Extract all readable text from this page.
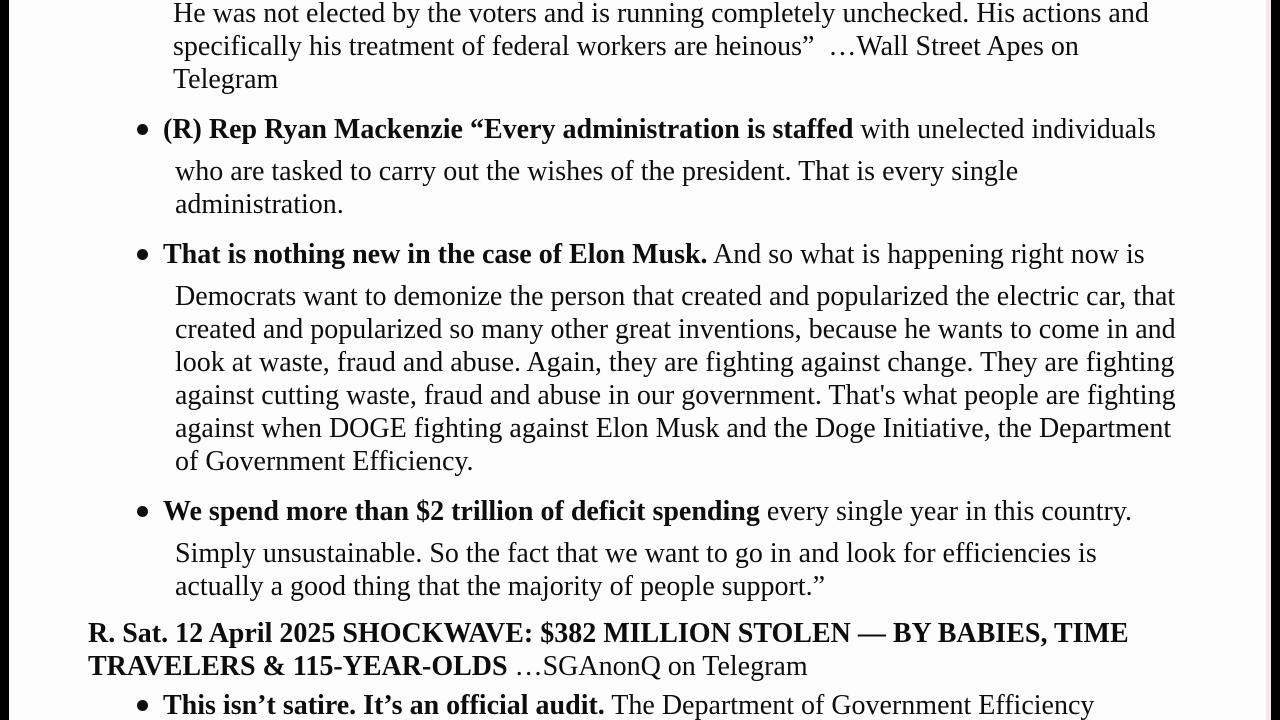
He was not elected by the voters and is running completely unchecked. His actions and
specifically his treatment of federal workers are heinous”  …Wall Street Apes on
Telegram
(R) Rep Ryan Mackenzie “Every administration is staffed with unelected individuals
who are tasked to carry out the wishes of the president. That is every single
administration.
That is nothing new in the case of Elon Musk. And so what is happening right now is
Democrats want to demonize the person that created and popularized the electric car, that
created and popularized so many other great inventions, because he wants to come in and
look at waste, fraud and abuse. Again, they are fighting against change. They are fighting
against cutting waste, fraud and abuse in our government. That's what people are fighting
against when DOGE fighting against Elon Musk and the Doge Initiative, the Department
of Government Efficiency.
We spend more than $2 trillion of deficit spending every single year in this country.
Simply unsustainable. So the fact that we want to go in and look for efficiencies is
actually a good thing that the majority of people support.”
R. Sat. 12 April 2025 SHOCKWAVE: $382 MILLION STOLEN — BY BABIES, TIME
TRAVELERS & 115-YEAR-OLDS …SGAnonQ on Telegram
This isn’t satire. It’s an official audit. The Department of Government Efficiency
